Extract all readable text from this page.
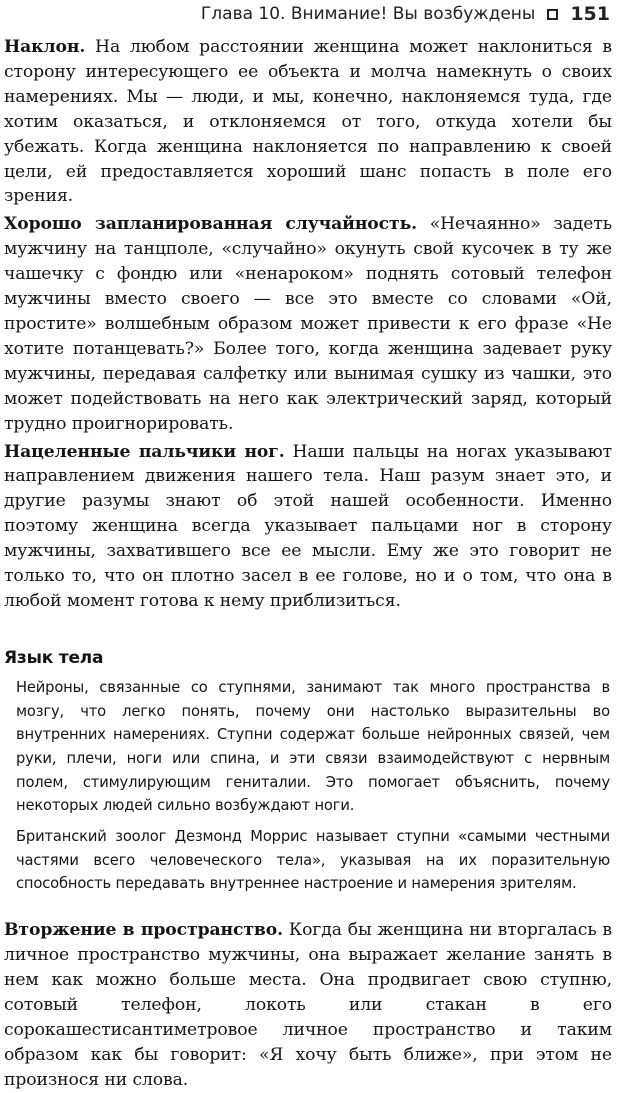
Глава 10. Внимание! Вы возбуждены 151

Наклон. На любом расстоянии женщина может наклониться в сторону интересующего ее объекта и молча намекнуть о своих намерениях. Мы — люди, и мы, конечно, наклоняемся туда, где хотим оказаться, и отклоняемся от того, откуда хотели бы убежать. Когда женщина наклоняется по направлению к своей цели, ей предоставляется хороший шанс попасть в поле его зрения.

Хорошо запланированная случайность. «Нечаянно» задеть мужчину на танцполе, «случайно» окунуть свой кусочек в ту же чашечку с фондю или «ненароком» поднять сотовый телефон мужчины вместо своего — все это вместе со словами «Ой, простите» волшебным образом может привести к его фразе «Не хотите потанцевать?» Более того, когда женщина задевает руку мужчины, передавая салфетку или вынимая сушку из чашки, это может подействовать на него как электрический заряд, который трудно проигнорировать.

Нацеленные пальчики ног. Наши пальцы на ногах указывают направлением движения нашего тела. Наш разум знает это, и другие разумы знают об этой нашей особенности. Именно поэтому женщина всегда указывает пальцами ног в сторону мужчины, захватившего все ее мысли. Ему же это говорит не только то, что он плотно засел в ее голове, но и о том, что она в любой момент готова к нему приблизиться.

Язык тела

Нейроны, связанные со ступнями, занимают так много пространства в мозгу, что легко понять, почему они настолько выразительны во внутренних намерениях. Ступни содержат больше нейронных связей, чем руки, плечи, ноги или спина, и эти связи взаимодействуют с нервным полем, стимулирующим гениталии. Это помогает объяснить, почему некоторых людей сильно возбуждают ноги.

Британский зоолог Дезмонд Моррис называет ступни «самыми честными частями всего человеческого тела», указывая на их поразительную способность передавать внутреннее настроение и намерения зрителям.

Вторжение в пространство. Когда бы женщина ни вторгалась в личное пространство мужчины, она выражает желание занять в нем как можно больше места. Она продвигает свою ступню, сотовый телефон, локоть или стакан в его сорокашестисантиметровое личное пространство и таким образом как бы говорит: «Я хочу быть ближе», при этом не произнося ни слова.
